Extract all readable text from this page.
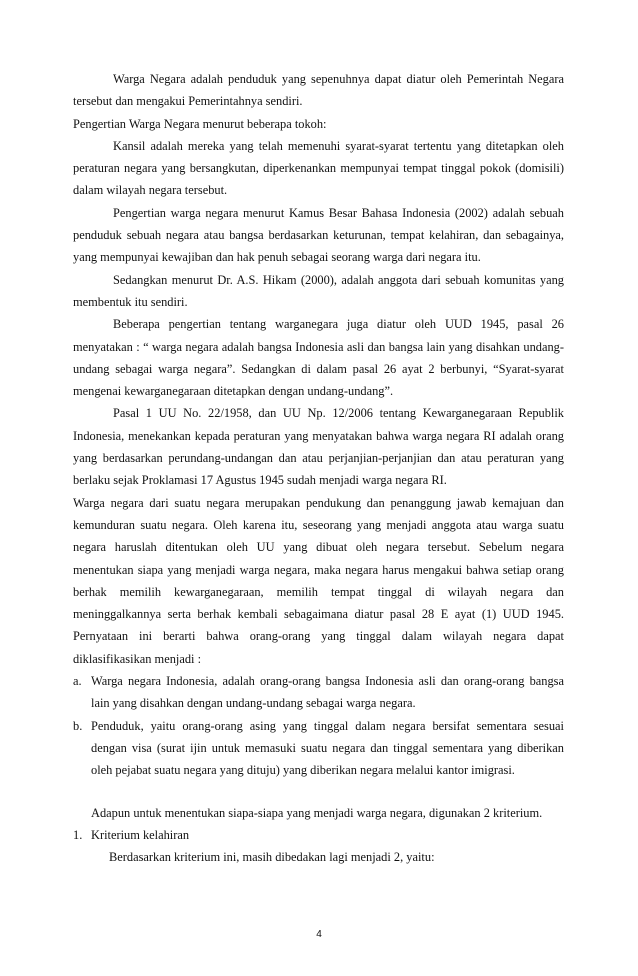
Warga Negara adalah penduduk yang sepenuhnya dapat diatur oleh Pemerintah Negara tersebut dan mengakui Pemerintahnya sendiri.

Pengertian Warga Negara menurut beberapa tokoh:

Kansil adalah mereka yang telah memenuhi syarat-syarat tertentu yang ditetapkan oleh peraturan negara yang bersangkutan, diperkenankan mempunyai tempat tinggal pokok (domisili) dalam wilayah negara tersebut.

Pengertian warga negara menurut Kamus Besar Bahasa Indonesia (2002) adalah sebuah penduduk sebuah negara atau bangsa berdasarkan keturunan, tempat kelahiran, dan sebagainya, yang mempunyai kewajiban dan hak penuh sebagai seorang warga dari negara itu.

Sedangkan menurut Dr. A.S. Hikam (2000), adalah anggota dari sebuah komunitas yang membentuk itu sendiri.

Beberapa pengertian tentang warganegara juga diatur oleh UUD 1945, pasal 26 menyatakan : “ warga negara adalah bangsa Indonesia asli dan bangsa lain yang disahkan undang-undang sebagai warga negara”. Sedangkan di dalam pasal 26 ayat 2 berbunyi, “Syarat-syarat mengenai kewarganegaraan ditetapkan dengan undang-undang”.

Pasal 1 UU No. 22/1958, dan UU Np. 12/2006 tentang Kewarganegaraan Republik Indonesia, menekankan kepada peraturan yang menyatakan bahwa warga negara RI adalah orang yang berdasarkan perundang-undangan dan atau perjanjian-perjanjian dan atau peraturan yang berlaku sejak Proklamasi 17 Agustus 1945 sudah menjadi warga negara RI.

Warga negara dari suatu negara merupakan pendukung dan penanggung jawab kemajuan dan kemunduran suatu negara. Oleh karena itu, seseorang yang menjadi anggota atau warga suatu negara haruslah ditentukan oleh UU yang dibuat oleh negara tersebut. Sebelum negara menentukan siapa yang menjadi warga negara, maka negara harus mengakui bahwa setiap orang berhak memilih kewarganegaraan, memilih tempat tinggal di wilayah negara dan meninggalkannya serta berhak kembali sebagaimana diatur pasal 28 E ayat (1) UUD 1945. Pernyataan ini berarti bahwa orang-orang yang tinggal dalam wilayah negara dapat diklasifikasikan menjadi :

a. Warga negara Indonesia, adalah orang-orang bangsa Indonesia asli dan orang-orang bangsa lain yang disahkan dengan undang-undang sebagai warga negara.
b. Penduduk, yaitu orang-orang asing yang tinggal dalam negara bersifat sementara sesuai dengan visa (surat ijin untuk memasuki suatu negara dan tinggal sementara yang diberikan oleh pejabat suatu negara yang dituju) yang diberikan negara melalui kantor imigrasi.

Adapun untuk menentukan siapa-siapa yang menjadi warga negara, digunakan 2 kriterium.

1. Kriterium kelahiran

Berdasarkan kriterium ini, masih dibedakan lagi menjadi 2, yaitu:

4
